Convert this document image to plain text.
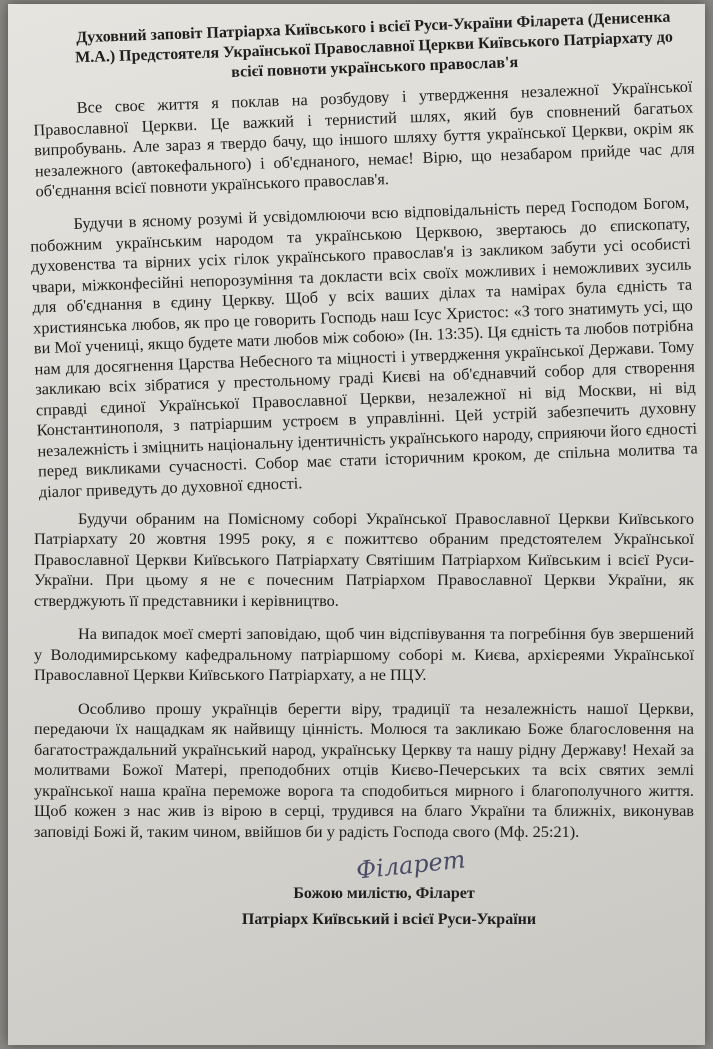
Духовний заповіт Патріарха Київського і всієї Руси-України Філарета (Денисенка М.А.) Предстоятеля Української Православної Церкви Київського Патріархату до всієї повноти українського православ'я

Все своє життя я поклав на розбудову і утвердження незалежної Української Православної Церкви. Це важкий і тернистий шлях, який був сповнений багатьох випробувань. Але зараз я твердо бачу, що іншого шляху буття української Церкви, окрім як незалежного (автокефального) і об'єднаного, немає! Вірю, що незабаром прийде час для об'єднання всієї повноти українського православ'я.

Будучи в ясному розумі й усвідомлюючи всю відповідальність перед Господом Богом, побожним українським народом та українською Церквою, звертаюсь до єпископату, духовенства та вірних усіх гілок українського православ'я із закликом забути усі особисті чвари, міжконфесійні непорозуміння та докласти всіх своїх можливих і неможливих зусиль для об'єднання в єдину Церкву. Щоб у всіх ваших ділах та намірах була єдність та християнська любов, як про це говорить Господь наш Ісус Христос: «З того знатимуть усі, що ви Мої учениці, якщо будете мати любов між собою» (Ін. 13:35). Ця єдність та любов потрібна нам для досягнення Царства Небесного та міцності і утвердження української Держави. Тому закликаю всіх зібратися у престольному граді Києві на об'єднавчий собор для створення справді єдиної Української Православної Церкви, незалежної ні від Москви, ні від Константинополя, з патріаршим устроєм в управлінні. Цей устрій забезпечить духовну незалежність і зміцнить національну ідентичність українського народу, сприяючи його єдності перед викликами сучасності. Собор має стати історичним кроком, де спільна молитва та діалог приведуть до духовної єдності.

Будучи обраним на Помісному соборі Української Православної Церкви Київського Патріархату 20 жовтня 1995 року, я є пожиттєво обраним предстоятелем Української Православної Церкви Київського Патріархату Святішим Патріархом Київським і всієї Руси-України. При цьому я не є почесним Патріархом Православної Церкви України, як стверджують її представники і керівництво.

На випадок моєї смерті заповідаю, щоб чин відспівування та погребіння був звершений у Володимирському кафедральному патріаршому соборі м. Києва, архієреями Української Православної Церкви Київського Патріархату, а не ПЦУ.

Особливо прошу українців берегти віру, традиції та незалежність нашої Церкви, передаючи їх нащадкам як найвищу цінність. Молюся та закликаю Боже благословення на багатостраждальний український народ, українську Церкву та нашу рідну Державу! Нехай за молитвами Божої Матері, преподобних отців Києво-Печерських та всіх святих землі української наша країна переможе ворога та сподобиться мирного і благополучного життя. Щоб кожен з нас жив із вірою в серці, трудився на благо України та ближніх, виконував заповіді Божі й, таким чином, ввійшов би у радість Господа свого (Мф. 25:21).

Філарет
Божою милістю, Філарет
Патріарх Київський і всієї Руси-України
